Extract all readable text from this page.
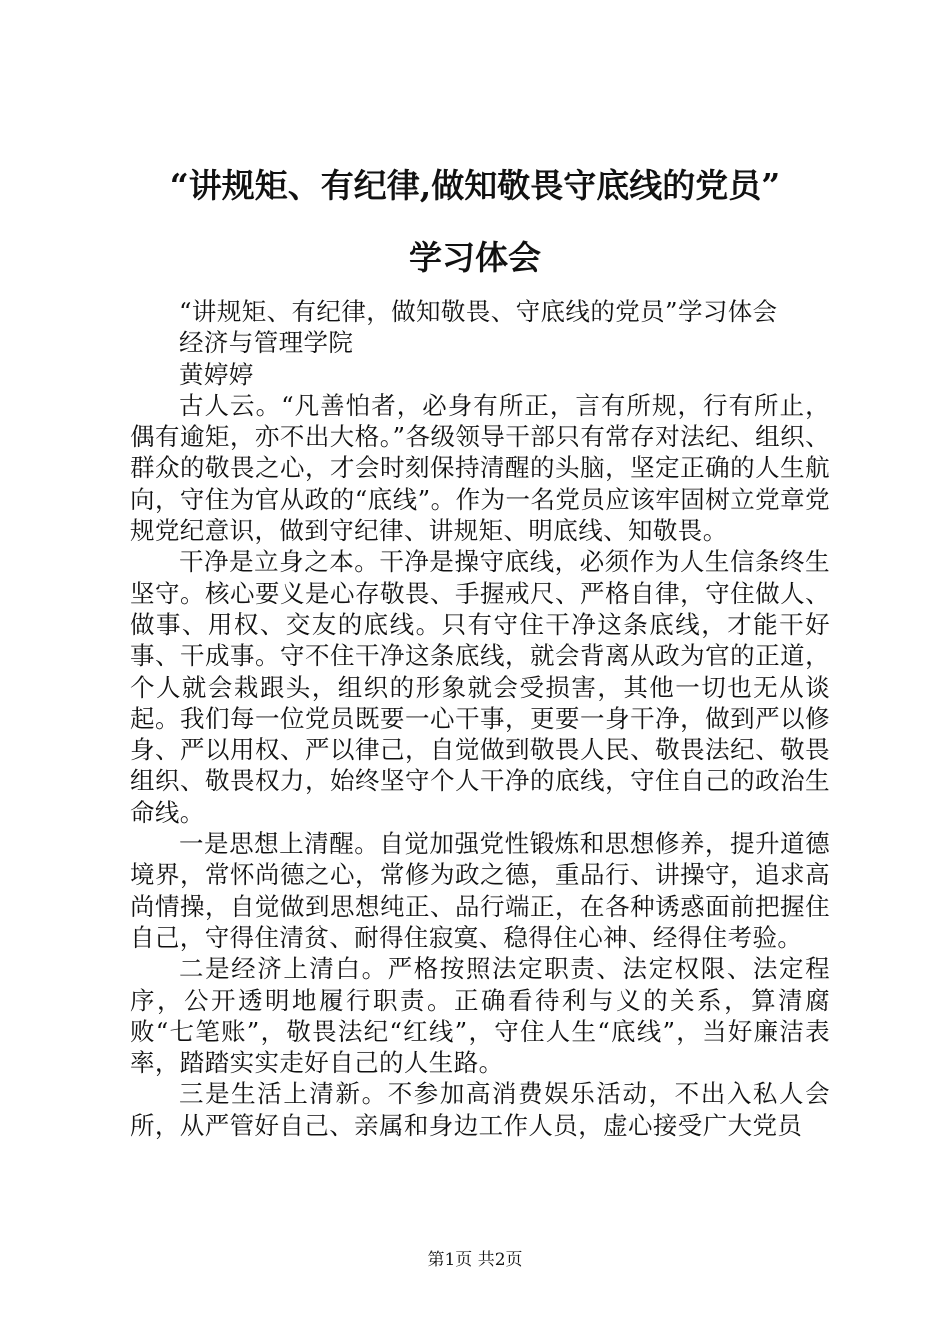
“讲规矩、有纪律,做知敬畏守底线的党员”
学习体会

“讲规矩、有纪律，做知敬畏、守底线的党员”学习体会

经济与管理学院

黄婷婷

古人云。“凡善怕者，必身有所正，言有所规，行有所止，偶有逾矩，亦不出大格。”各级领导干部只有常存对法纪、组织、群众的敬畏之心，才会时刻保持清醒的头脑，坚定正确的人生航向，守住为官从政的“底线”。作为一名党员应该牢固树立党章党规党纪意识，做到守纪律、讲规矩、明底线、知敬畏。

干净是立身之本。干净是操守底线，必须作为人生信条终生坚守。核心要义是心存敬畏、手握戒尺、严格自律，守住做人、做事、用权、交友的底线。只有守住干净这条底线，才能干好事、干成事。守不住干净这条底线，就会背离从政为官的正道，个人就会栽跟头，组织的形象就会受损害，其他一切也无从谈起。我们每一位党员既要一心干事，更要一身干净，做到严以修身、严以用权、严以律己，自觉做到敬畏人民、敬畏法纪、敬畏组织、敬畏权力，始终坚守个人干净的底线，守住自己的政治生命线。

一是思想上清醒。自觉加强党性锻炼和思想修养，提升道德境界，常怀尚德之心，常修为政之德，重品行、讲操守，追求高尚情操，自觉做到思想纯正、品行端正，在各种诱惑面前把握住自己，守得住清贫、耐得住寂寞、稳得住心神、经得住考验。

二是经济上清白。严格按照法定职责、法定权限、法定程序，公开透明地履行职责。正确看待利与义的关系，算清腐败“七笔账”，敬畏法纪“红线”，守住人生“底线”，当好廉洁表率，踏踏实实走好自己的人生路。

三是生活上清新。不参加高消费娱乐活动，不出入私人会所，从严管好自己、亲属和身边工作人员，虚心接受广大党员

第1页 共2页
